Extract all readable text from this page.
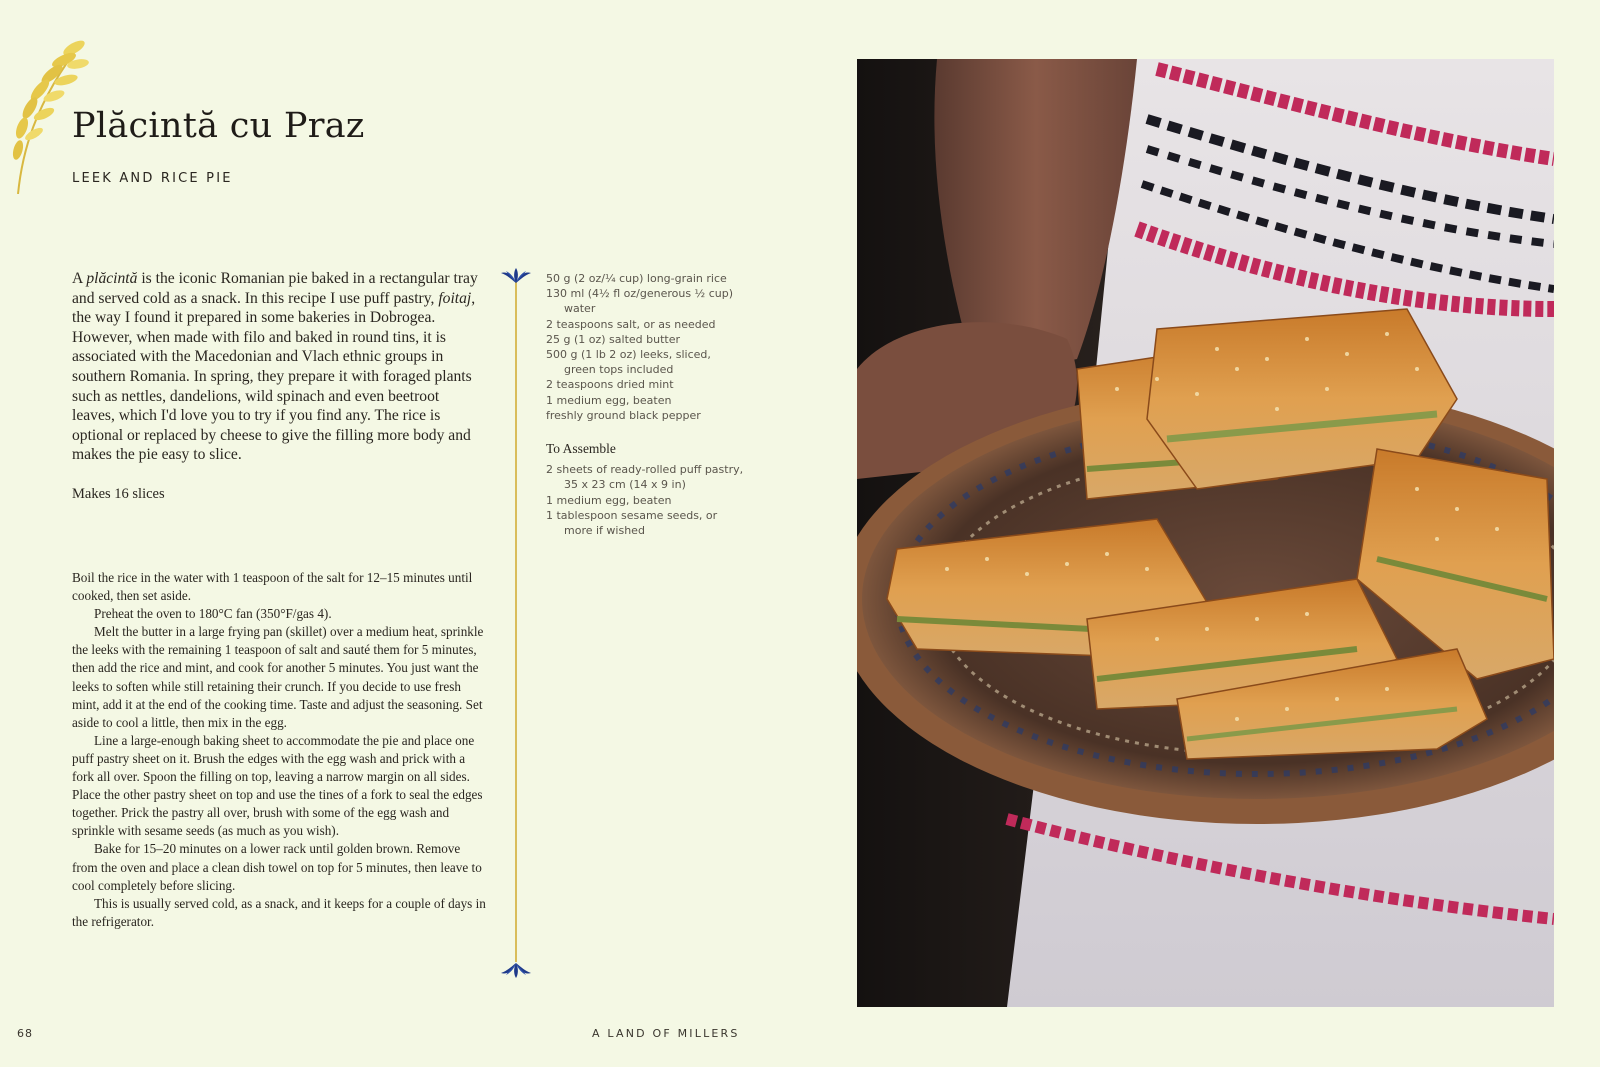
Plăcintă cu Praz
LEEK AND RICE PIE

A plăcintă is the iconic Romanian pie baked in a rectangular tray and served cold as a snack. In this recipe I use puff pastry, foitaj, the way I found it prepared in some bakeries in Dobrogea. However, when made with filo and baked in round tins, it is associated with the Macedonian and Vlach ethnic groups in southern Romania. In spring, they prepare it with foraged plants such as nettles, dandelions, wild spinach and even beetroot leaves, which I'd love you to try if you find any. The rice is optional or replaced by cheese to give the filling more body and makes the pie easy to slice.

Makes 16 slices

Boil the rice in the water with 1 teaspoon of the salt for 12–15 minutes until cooked, then set aside.

Preheat the oven to 180°C fan (350°F/gas 4).

Melt the butter in a large frying pan (skillet) over a medium heat, sprinkle the leeks with the remaining 1 teaspoon of salt and sauté them for 5 minutes, then add the rice and mint, and cook for another 5 minutes. You just want the leeks to soften while still retaining their crunch. If you decide to use fresh mint, add it at the end of the cooking time. Taste and adjust the seasoning. Set aside to cool a little, then mix in the egg.

Line a large-enough baking sheet to accommodate the pie and place one puff pastry sheet on it. Brush the edges with the egg wash and prick with a fork all over. Spoon the filling on top, leaving a narrow margin on all sides. Place the other pastry sheet on top and use the tines of a fork to seal the edges together. Prick the pastry all over, brush with some of the egg wash and sprinkle with sesame seeds (as much as you wish).

Bake for 15–20 minutes on a lower rack until golden brown. Remove from the oven and place a clean dish towel on top for 5 minutes, then leave to cool completely before slicing.

This is usually served cold, as a snack, and it keeps for a couple of days in the refrigerator.

50 g (2 oz/¼ cup) long-grain rice

130 ml (4½ fl oz/generous ½ cup) water

2 teaspoons salt, or as needed

25 g (1 oz) salted butter

500 g (1 lb 2 oz) leeks, sliced, green tops included

2 teaspoons dried mint

1 medium egg, beaten

freshly ground black pepper

To Assemble

2 sheets of ready-rolled puff pastry, 35 x 23 cm (14 x 9 in)

1 medium egg, beaten

1 tablespoon sesame seeds, or more if wished

68	A LAND OF MILLERS
